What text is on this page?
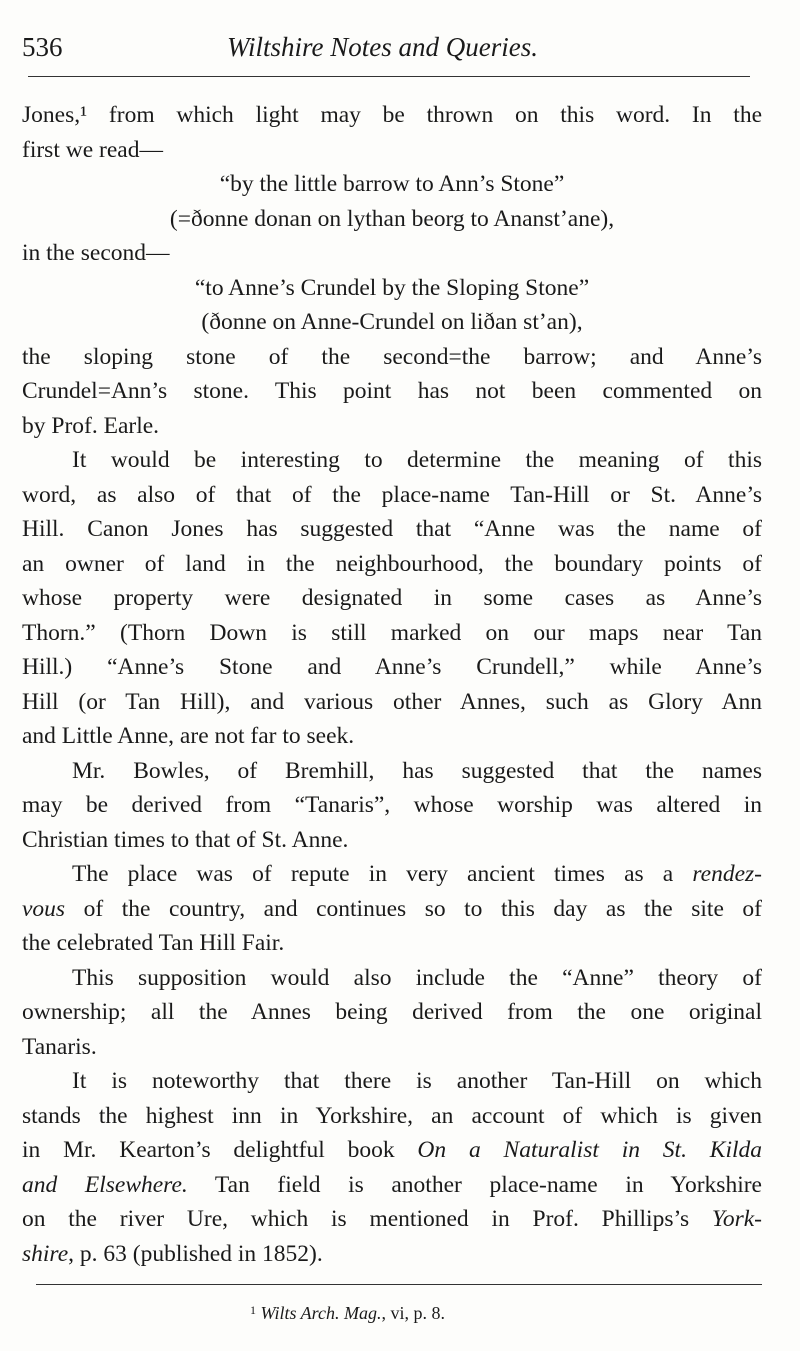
536	Wiltshire Notes and Queries.
Jones,¹ from which light may be thrown on this word. In the
first we read—
“by the little barrow to Ann’s Stone”
(=ðonne donan on lythan beorg to Ananst’ane),
in the second—
“to Anne’s Crundel by the Sloping Stone”
(ðonne on Anne-Crundel on liðan st’an),
the sloping stone of the second=the barrow; and Anne’s
Crundel=Ann’s stone. This point has not been commented on
by Prof. Earle.
It would be interesting to determine the meaning of this
word, as also of that of the place-name Tan-Hill or St. Anne’s
Hill. Canon Jones has suggested that “Anne was the name of
an owner of land in the neighbourhood, the boundary points of
whose property were designated in some cases as Anne’s
Thorn.” (Thorn Down is still marked on our maps near Tan
Hill.) “Anne’s Stone and Anne’s Crundell,” while Anne’s
Hill (or Tan Hill), and various other Annes, such as Glory Ann
and Little Anne, are not far to seek.
Mr. Bowles, of Bremhill, has suggested that the names
may be derived from “Tanaris”, whose worship was altered in
Christian times to that of St. Anne.
The place was of repute in very ancient times as a rendez-
vous of the country, and continues so to this day as the site of
the celebrated Tan Hill Fair.
This supposition would also include the “Anne” theory of
ownership; all the Annes being derived from the one original
Tanaris.
It is noteworthy that there is another Tan-Hill on which
stands the highest inn in Yorkshire, an account of which is given
in Mr. Kearton’s delightful book On a Naturalist in St. Kilda
and Elsewhere. Tan field is another place-name in Yorkshire
on the river Ure, which is mentioned in Prof. Phillips’s York-
shire, p. 63 (published in 1852).
$^1$ Wilts Arch. Mag., vi, p. 8.
